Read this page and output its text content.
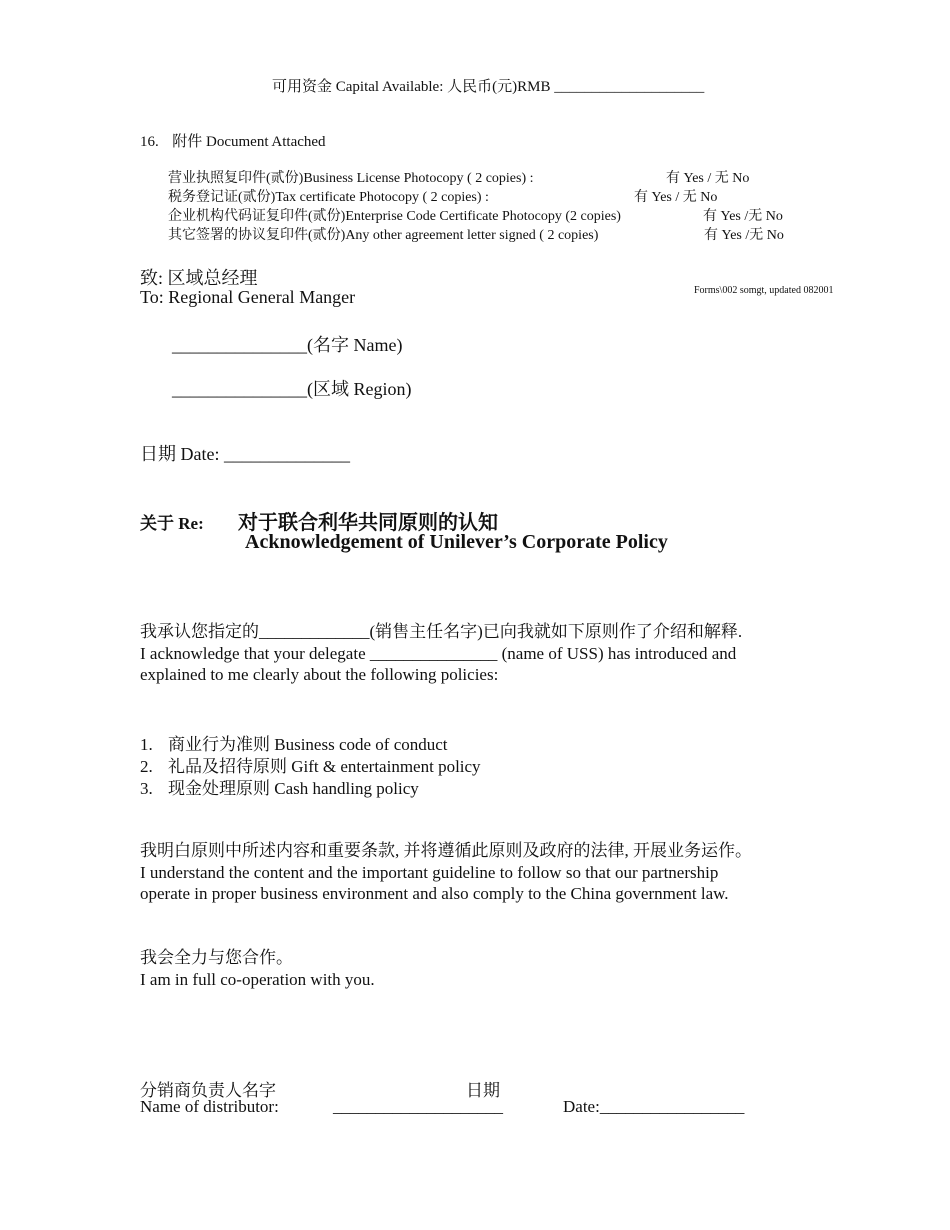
可用资金 Capital Available: 人民币(元)RMB ____________________
16. 附件 Document Attached
营业执照复印件(贰份)Business License Photocopy ( 2 copies) :	有 Yes / 无 No
税务登记证(贰份)Tax certificate Photocopy ( 2 copies) :	有 Yes / 无 No
企业机构代码证复印件(贰份)Enterprise Code Certificate Photocopy (2 copies)	有 Yes /无 No
其它签署的协议复印件(贰份)Any other agreement letter signed ( 2 copies)	有 Yes /无 No
致: 区域总经理
To: Regional General Manger	Forms\002 somgt, updated 082001
_______________(名字 Name)
_______________(区域 Region)
日期 Date: ______________
关于 Re: 对于联合利华共同原则的认知
Acknowledgement of Unilever’s Corporate Policy
我承认您指定的_____________(销售主任名字)已向我就如下原则作了介绍和解释.
I acknowledge that your delegate _______________ (name of USS) has introduced and
explained to me clearly about the following policies:
1. 商业行为准则 Business code of conduct
2. 礼品及招待原则 Gift & entertainment policy
3. 现金处理原则 Cash handling policy
我明白原则中所述内容和重要条款, 并将遵循此原则及政府的法律, 开展业务运作。
I understand the content and the important guideline to follow so that our partnership
operate in proper business environment and also comply to the China government law.
我会全力与您合作。
I am in full co-operation with you.
分销商负责人名字	日期
Name of distributor:	____________________	Date:_________________
